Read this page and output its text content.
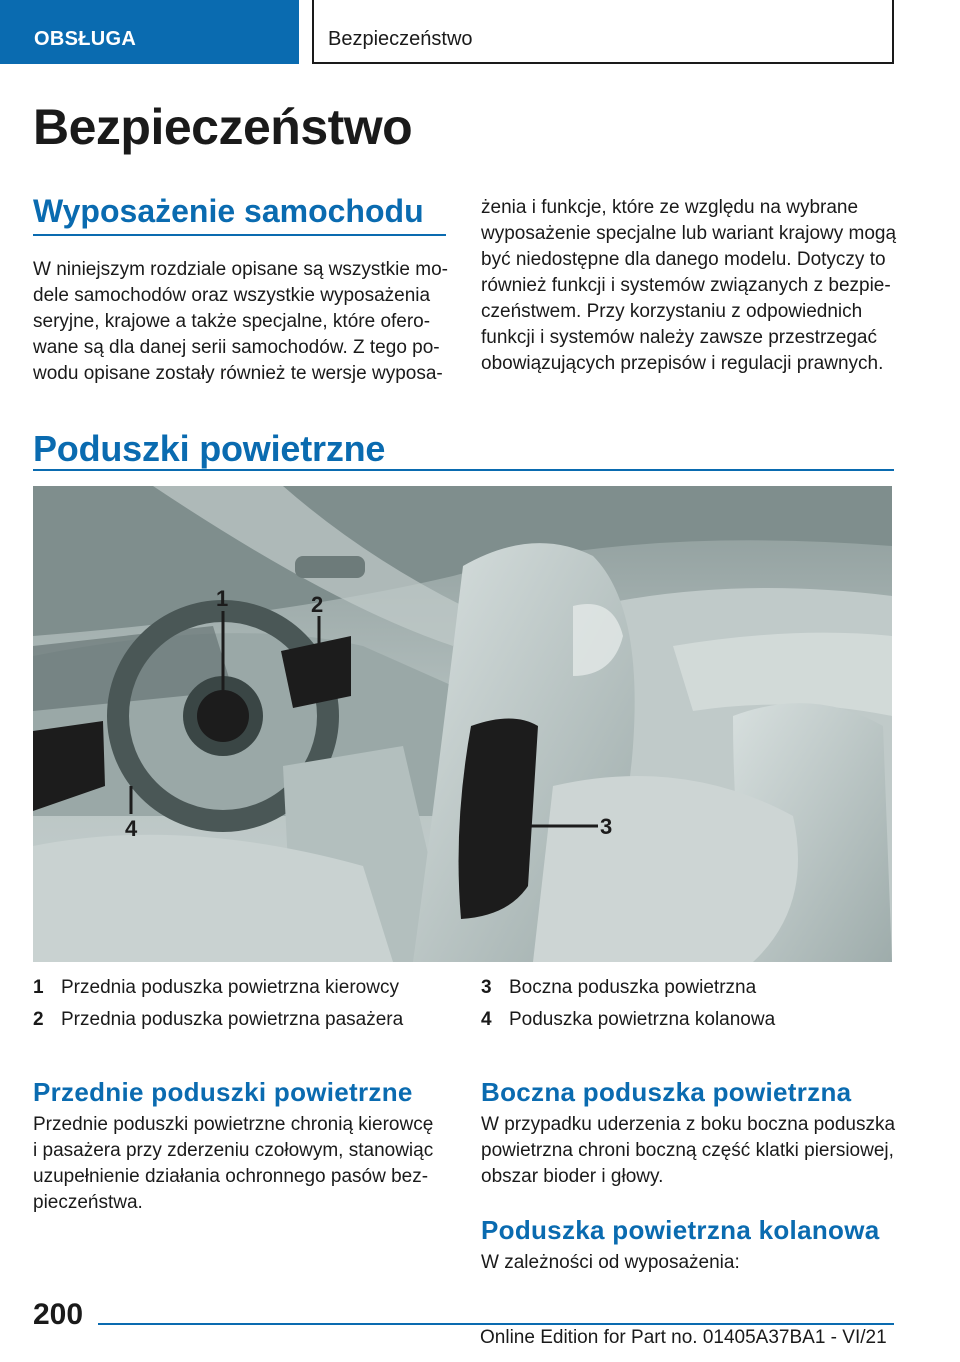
OBSŁUGA	Bezpieczeństwo
Bezpieczeństwo

Wyposażenie samochodu

W niniejszym rozdziale opisane są wszystkie mo-
dele samochodów oraz wszystkie wyposażenia
seryjne, krajowe a także specjalne, które ofero-
wane są dla danej serii samochodów. Z tego po-
wodu opisane zostały również te wersje wyposa-
żenia i funkcje, które ze względu na wybrane
wyposażenie specjalne lub wariant krajowy mogą
być niedostępne dla danego modelu. Dotyczy to
również funkcji i systemów związanych z bezpie-
czeństwem. Przy korzystaniu z odpowiednich
funkcji i systemów należy zawsze przestrzegać
obowiązujących przepisów i regulacji prawnych.

Poduszki powietrzne

1	2
3
4
1 Przednia poduszka powietrzna kierowcy
2 Przednia poduszka powietrzna pasażera
3 Boczna poduszka powietrzna
4 Poduszka powietrzna kolanowa

Przednie poduszki powietrzne

Przednie poduszki powietrzne chronią kierowcę
i pasażera przy zderzeniu czołowym, stanowiąc
uzupełnienie działania ochronnego pasów bez-
pieczeństwa.

Boczna poduszka powietrzna

W przypadku uderzenia z boku boczna poduszka
powietrzna chroni boczną część klatki piersiowej,
obszar bioder i głowy.

Poduszka powietrzna kolanowa

W zależności od wyposażenia:
200
Online Edition for Part no. 01405A37BA1 - VI/21
